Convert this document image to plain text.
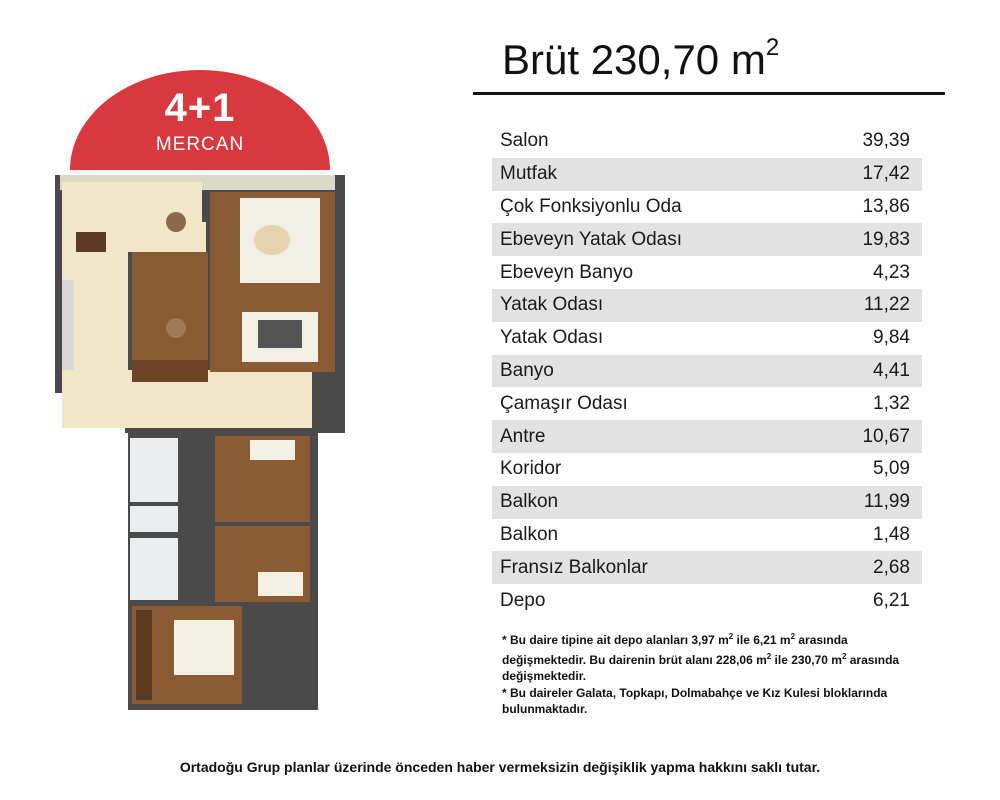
4+1
MERCAN
Brüt 230,70 $m^2$
Salon	39,39
Mutfak	17,42
Çok Fonksiyonlu Oda	13,86
Ebeveyn Yatak Odası	19,83
Ebeveyn Banyo	4,23
Yatak Odası	11,22
Yatak Odası	9,84
Banyo	4,41
Çamaşır Odası	1,32
Antre	10,67
Koridor	5,09
Balkon	11,99
Balkon	1,48
Fransız Balkonlar	2,68
Depo	6,21

* Bu daire tipine ait depo alanları 3,97 $m^2$ ile 6,21 $m^2$ arasında değişmektedir. Bu dairenin brüt alanı 228,06 $m^2$ ile 230,70 $m^2$ arasında değişmektedir.

* Bu daireler Galata, Topkapı, Dolmabahçe ve Kız Kulesi bloklarında bulunmaktadır.

Ortadoğu Grup planlar üzerinde önceden haber vermeksizin değişiklik yapma hakkını saklı tutar.
